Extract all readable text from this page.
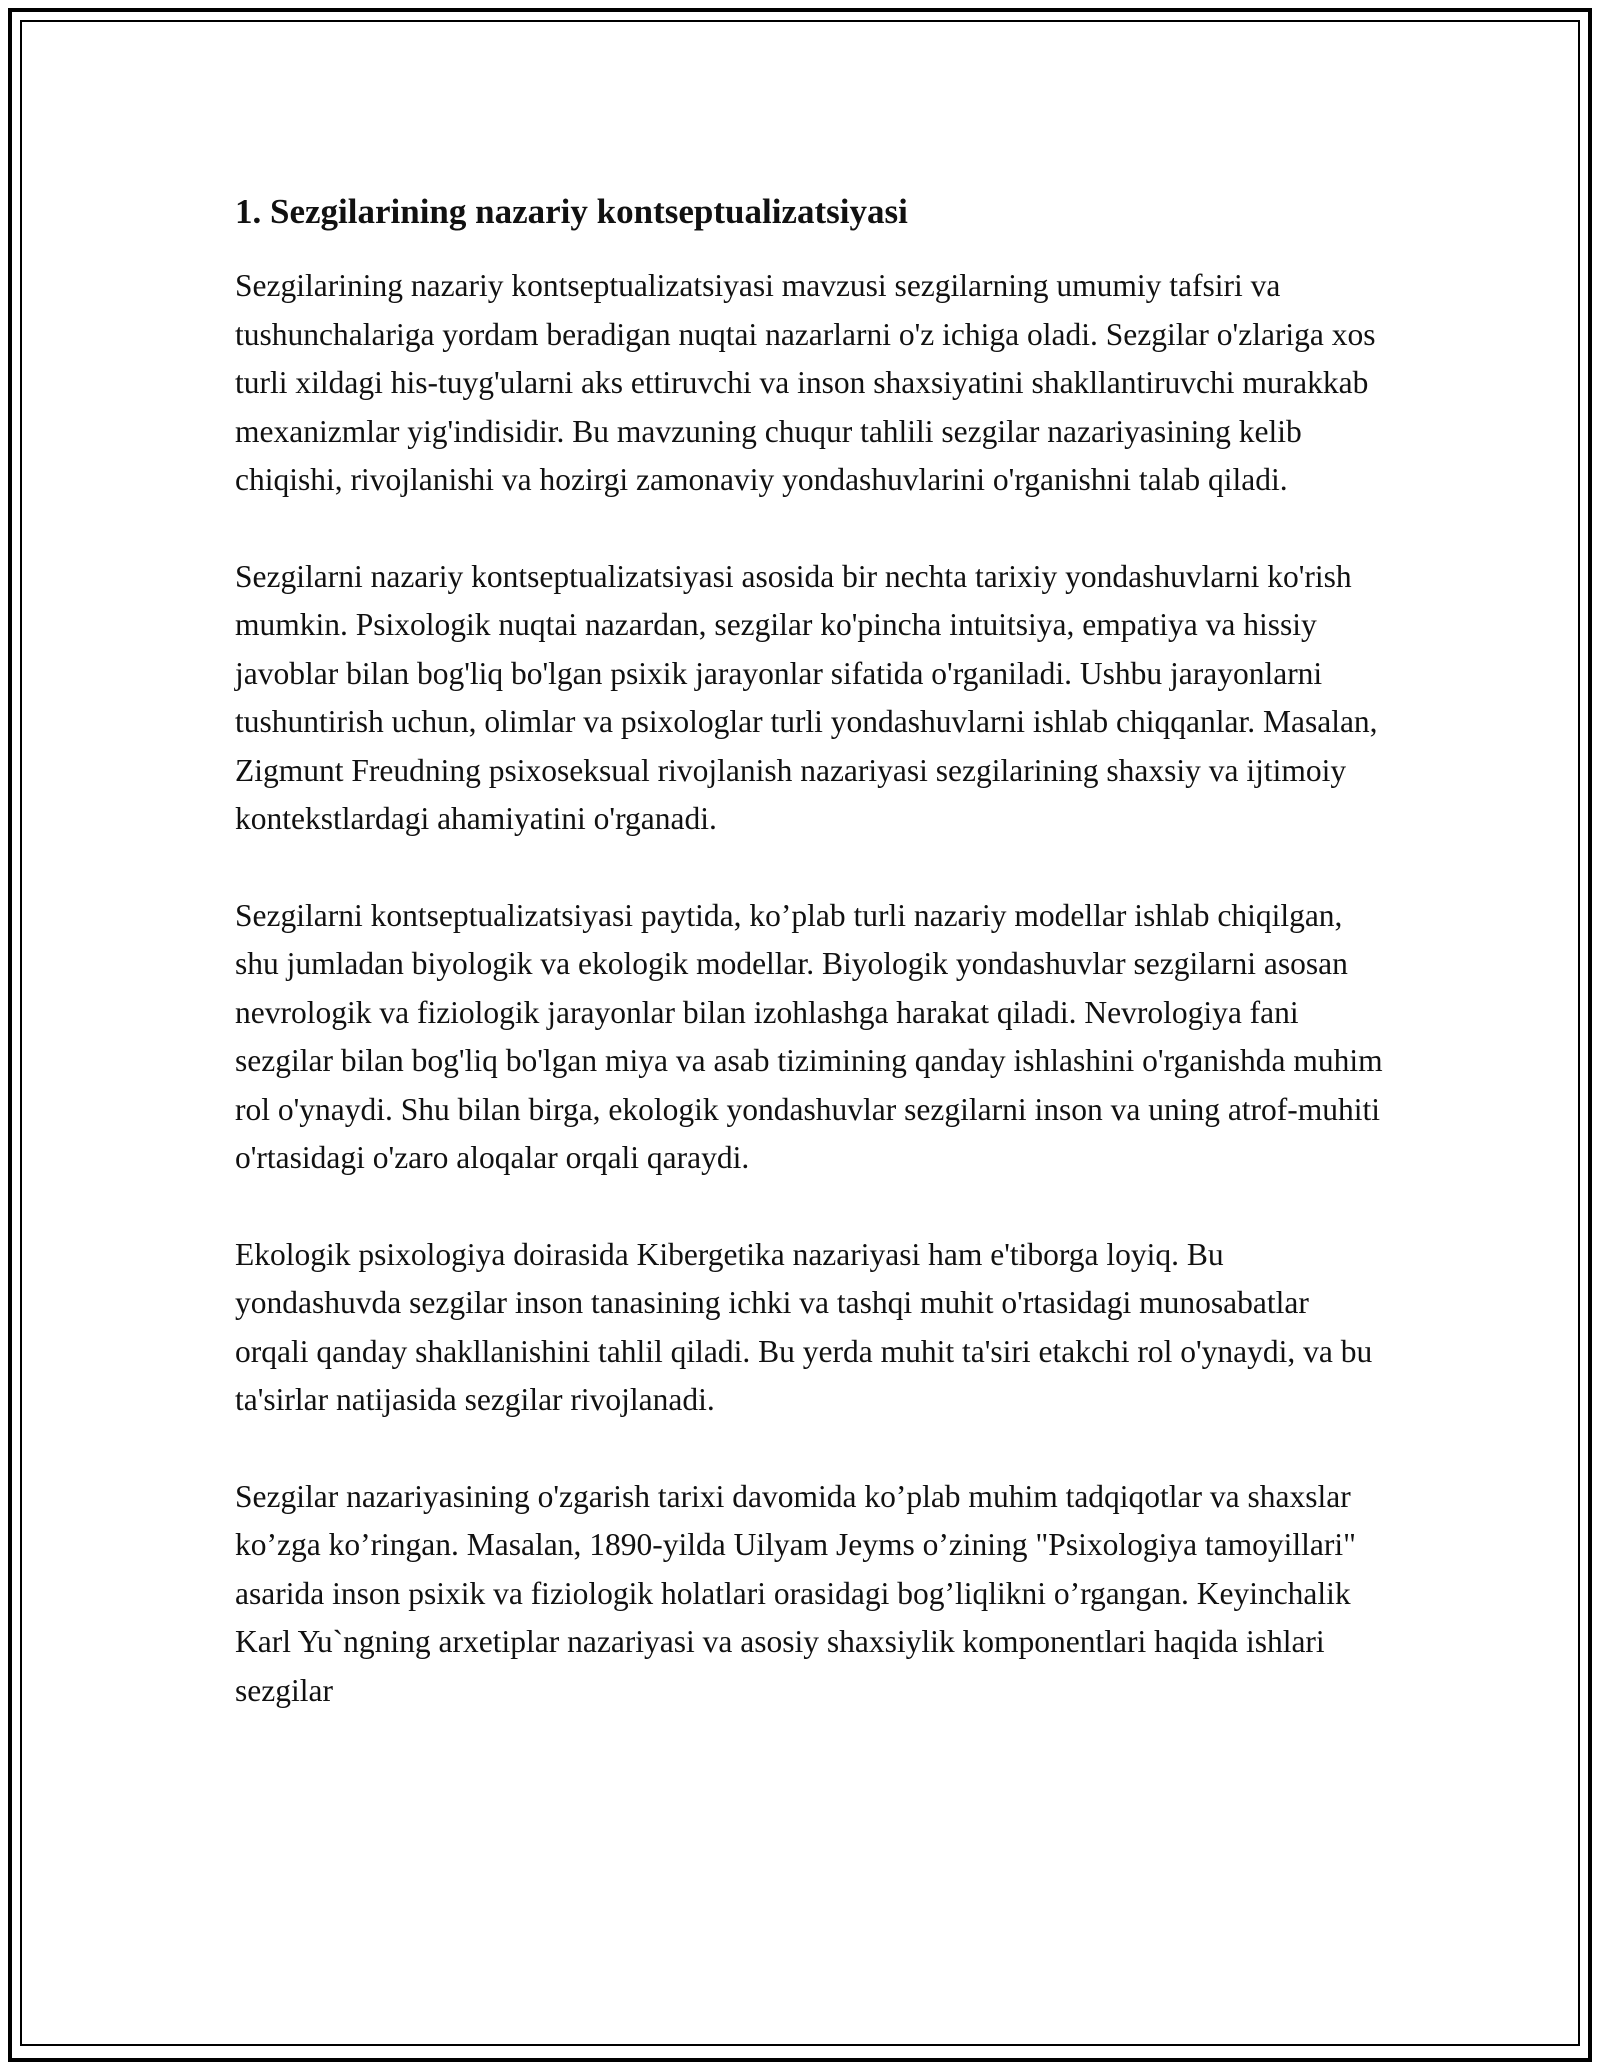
1. Sezgilarining nazariy kontseptualizatsiyasi

Sezgilarining nazariy kontseptualizatsiyasi mavzusi sezgilarning umumiy tafsiri va tushunchalariga yordam beradigan nuqtai nazarlarni o'z ichiga oladi. Sezgilar o'zlariga xos turli xildagi his-tuyg'ularni aks ettiruvchi va inson shaxsiyatini shakllantiruvchi murakkab mexanizmlar yig'indisidir. Bu mavzuning chuqur tahlili sezgilar nazariyasining kelib chiqishi, rivojlanishi va hozirgi zamonaviy yondashuvlarini o'rganishni talab qiladi.

Sezgilarni nazariy kontseptualizatsiyasi asosida bir nechta tarixiy yondashuvlarni ko'rish mumkin. Psixologik nuqtai nazardan, sezgilar ko'pincha intuitsiya, empatiya va hissiy javoblar bilan bog'liq bo'lgan psixik jarayonlar sifatida o'rganiladi. Ushbu jarayonlarni tushuntirish uchun, olimlar va psixologlar turli yondashuvlarni ishlab chiqqanlar. Masalan, Zigmunt Freudning psixoseksual rivojlanish nazariyasi sezgilarining shaxsiy va ijtimoiy kontekstlardagi ahamiyatini o'rganadi.

Sezgilarni kontseptualizatsiyasi paytida, ko’plab turli nazariy modellar ishlab chiqilgan, shu jumladan biyologik va ekologik modellar. Biyologik yondashuvlar sezgilarni asosan nevrologik va fiziologik jarayonlar bilan izohlashga harakat qiladi. Nevrologiya fani sezgilar bilan bog'liq bo'lgan miya va asab tizimining qanday ishlashini o'rganishda muhim rol o'ynaydi. Shu bilan birga, ekologik yondashuvlar sezgilarni inson va uning atrof-muhiti o'rtasidagi o'zaro aloqalar orqali qaraydi.

Ekologik psixologiya doirasida Kibergetika nazariyasi ham e'tiborga loyiq. Bu yondashuvda sezgilar inson tanasining ichki va tashqi muhit o'rtasidagi munosabatlar orqali qanday shakllanishini tahlil qiladi. Bu yerda muhit ta'siri etakchi rol o'ynaydi, va bu ta'sirlar natijasida sezgilar rivojlanadi.

Sezgilar nazariyasining o'zgarish tarixi davomida ko’plab muhim tadqiqotlar va shaxslar ko’zga ko’ringan. Masalan, 1890-yilda Uilyam Jeyms o’zining "Psixologiya tamoyillari" asarida inson psixik va fiziologik holatlari orasidagi bog’liqlikni o’rgangan. Keyinchalik Karl Yu`ngning arxetiplar nazariyasi va asosiy shaxsiylik komponentlari haqida ishlari sezgilar
